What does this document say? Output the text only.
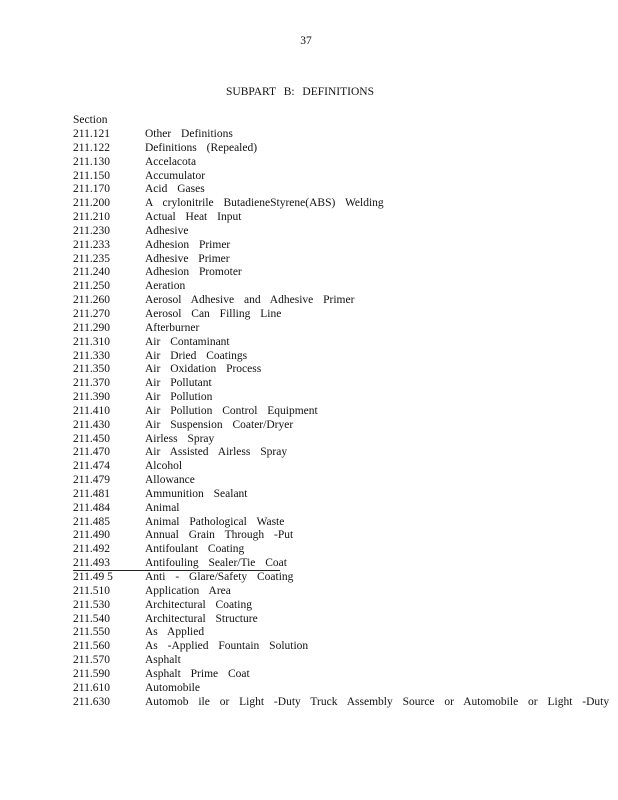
37
SUBPART B: DEFINITIONS
Section
211.121	Other Definitions
211.122	Definitions (Repealed)
211.130	Accelacota
211.150	Accumulator
211.170	Acid Gases
211.200	A crylonitrile ButadieneStyrene(ABS) Welding
211.210	Actual Heat Input
211.230	Adhesive
211.233	Adhesion Primer
211.235	Adhesive Primer
211.240	Adhesion Promoter
211.250	Aeration
211.260	Aerosol Adhesive and Adhesive Primer
211.270	Aerosol Can Filling Line
211.290	Afterburner
211.310	Air Contaminant
211.330	Air Dried Coatings
211.350	Air Oxidation Process
211.370	Air Pollutant
211.390	Air Pollution
211.410	Air Pollution Control Equipment
211.430	Air Suspension Coater/Dryer
211.450	Airless Spray
211.470	Air Assisted Airless Spray
211.474	Alcohol
211.479	Allowance
211.481	Ammunition Sealant
211.484	Animal
211.485	Animal Pathological Waste
211.490	Annual Grain Through -Put
211.492	Antifoulant Coating
211.493	Antifouling Sealer/Tie Coat
211.49 5	Anti - Glare/Safety Coating
211.510	Application Area
211.530	Architectural Coating
211.540	Architectural Structure
211.550	As Applied
211.560	As -Applied Fountain Solution
211.570	Asphalt
211.590	Asphalt Prime Coat
211.610	Automobile
211.630	Automob ile or Light -Duty Truck Assembly Source or Automobile or Light -Duty
